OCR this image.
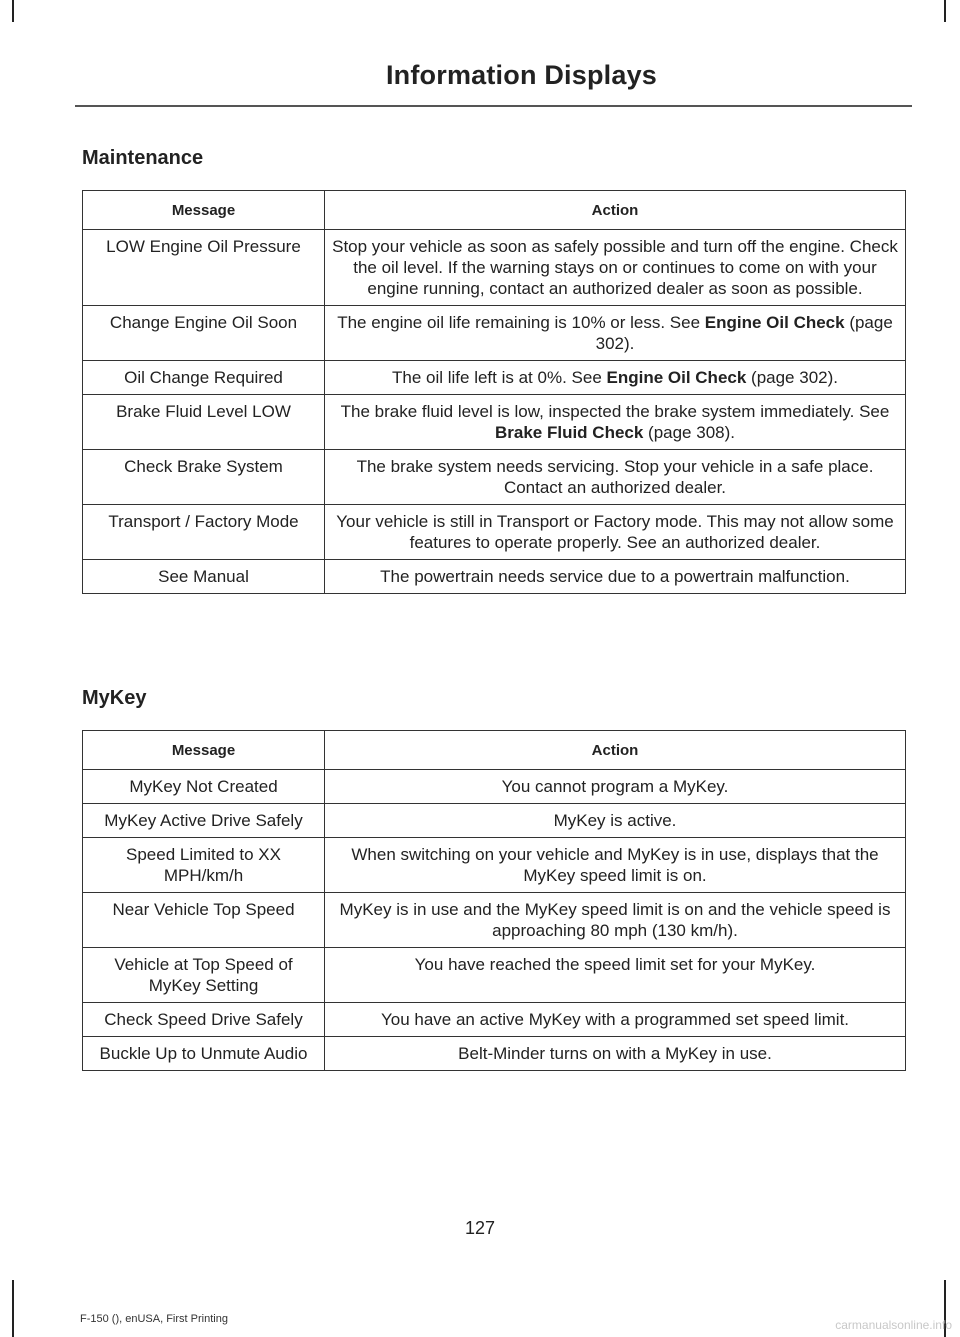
Information Displays
Maintenance
Message	Action
LOW Engine Oil Pressure	Stop your vehicle as soon as safely possible and turn off the engine. Check the oil level. If the warning stays on or continues to come on with your engine running, contact an authorized dealer as soon as possible.
Change Engine Oil Soon	The engine oil life remaining is 10% or less. See Engine Oil Check (page 302).
Oil Change Required	The oil life left is at 0%. See Engine Oil Check (page 302).
Brake Fluid Level LOW	The brake fluid level is low, inspected the brake system immediately. See Brake Fluid Check (page 308).
Check Brake System	The brake system needs servicing. Stop your vehicle in a safe place. Contact an authorized dealer.
Transport / Factory Mode	Your vehicle is still in Transport or Factory mode. This may not allow some features to operate properly. See an authorized dealer.
See Manual	The powertrain needs service due to a powertrain malfunction.
MyKey
Message	Action
MyKey Not Created	You cannot program a MyKey.
MyKey Active Drive Safely	MyKey is active.
Speed Limited to XX MPH/km/h	When switching on your vehicle and MyKey is in use, displays that the MyKey speed limit is on.
Near Vehicle Top Speed	MyKey is in use and the MyKey speed limit is on and the vehicle speed is approaching 80 mph (130 km/h).
Vehicle at Top Speed of MyKey Setting	You have reached the speed limit set for your MyKey.
Check Speed Drive Safely	You have an active MyKey with a programmed set speed limit.
Buckle Up to Unmute Audio	Belt-Minder turns on with a MyKey in use.
127
F-150 (), enUSA, First Printing	carmanualsonline.info
